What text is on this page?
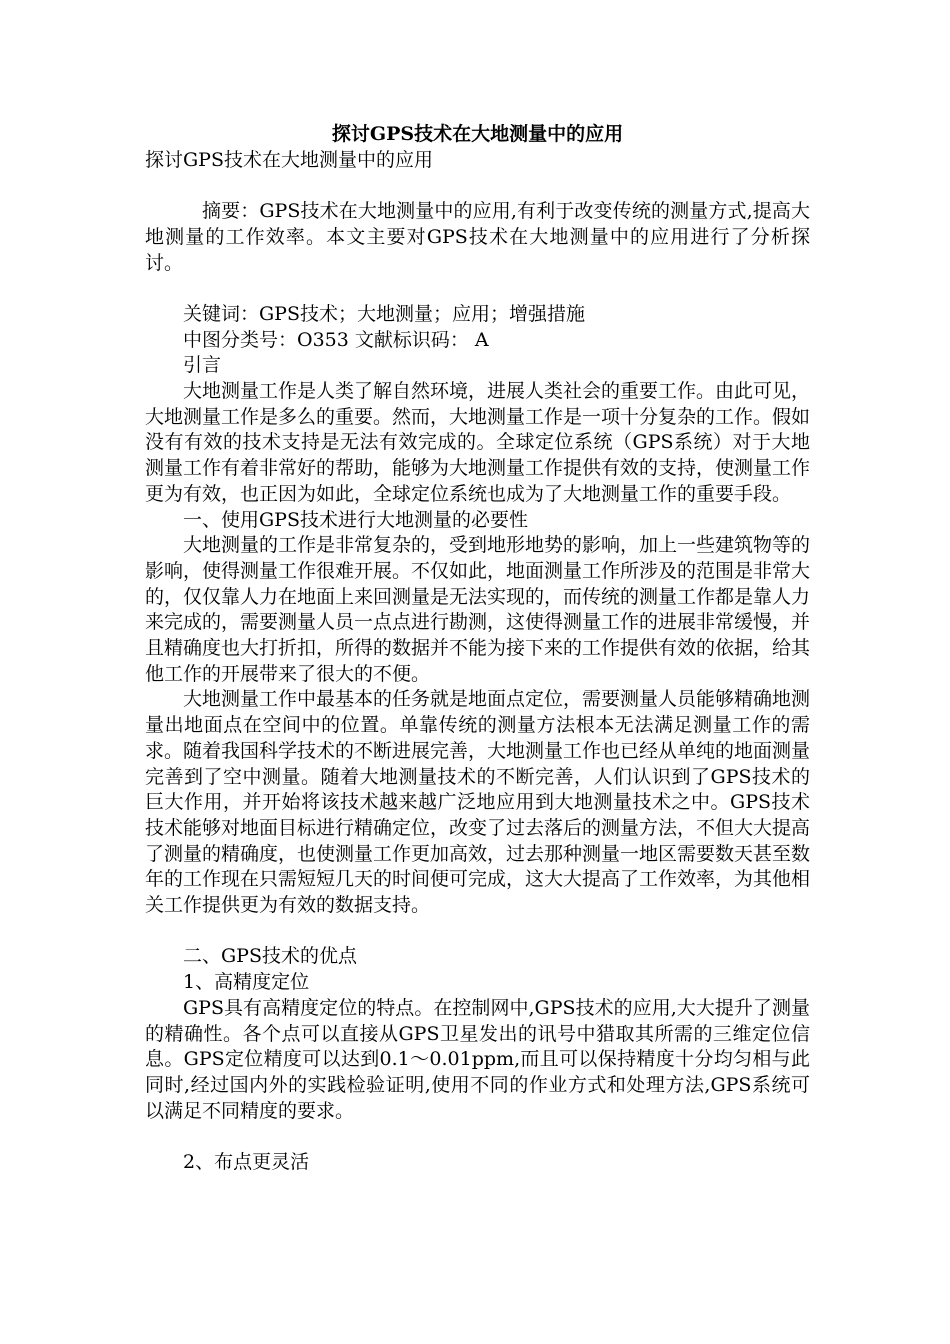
探讨GPS技术在大地测量中的应用

探讨GPS技术在大地测量中的应用

摘要：GPS技术在大地测量中的应用,有利于改变传统的测量方式,提高大地测量的工作效率。本文主要对GPS技术在大地测量中的应用进行了分析探讨。

关键词：GPS技术；大地测量；应用；增强措施

中图分类号：O353 文献标识码： A

引言

大地测量工作是人类了解自然环境，进展人类社会的重要工作。由此可见，大地测量工作是多么的重要。然而，大地测量工作是一项十分复杂的工作。假如没有有效的技术支持是无法有效完成的。全球定位系统（GPS系统）对于大地测量工作有着非常好的帮助，能够为大地测量工作提供有效的支持，使测量工作更为有效，也正因为如此，全球定位系统也成为了大地测量工作的重要手段。

一、使用GPS技术进行大地测量的必要性

大地测量的工作是非常复杂的，受到地形地势的影响，加上一些建筑物等的影响，使得测量工作很难开展。不仅如此，地面测量工作所涉及的范围是非常大的，仅仅靠人力在地面上来回测量是无法实现的，而传统的测量工作都是靠人力来完成的，需要测量人员一点点进行勘测，这使得测量工作的进展非常缓慢，并且精确度也大打折扣，所得的数据并不能为接下来的工作提供有效的依据，给其他工作的开展带来了很大的不便。

大地测量工作中最基本的任务就是地面点定位，需要测量人员能够精确地测量出地面点在空间中的位置。单靠传统的测量方法根本无法满足测量工作的需求。随着我国科学技术的不断进展完善，大地测量工作也已经从单纯的地面测量完善到了空中测量。随着大地测量技术的不断完善，人们认识到了GPS技术的巨大作用，并开始将该技术越来越广泛地应用到大地测量技术之中。GPS技术技术能够对地面目标进行精确定位，改变了过去落后的测量方法，不但大大提高了测量的精确度，也使测量工作更加高效，过去那种测量一地区需要数天甚至数年的工作现在只需短短几天的时间便可完成，这大大提高了工作效率，为其他相关工作提供更为有效的数据支持。

二、GPS技术的优点

1、高精度定位

GPS具有高精度定位的特点。在控制网中,GPS技术的应用,大大提升了测量的精确性。各个点可以直接从GPS卫星发出的讯号中猎取其所需的三维定位信息。GPS定位精度可以达到0.1～0.01ppm,而且可以保持精度十分均匀相与此同时,经过国内外的实践检验证明,使用不同的作业方式和处理方法,GPS系统可以满足不同精度的要求。

2、布点更灵活
